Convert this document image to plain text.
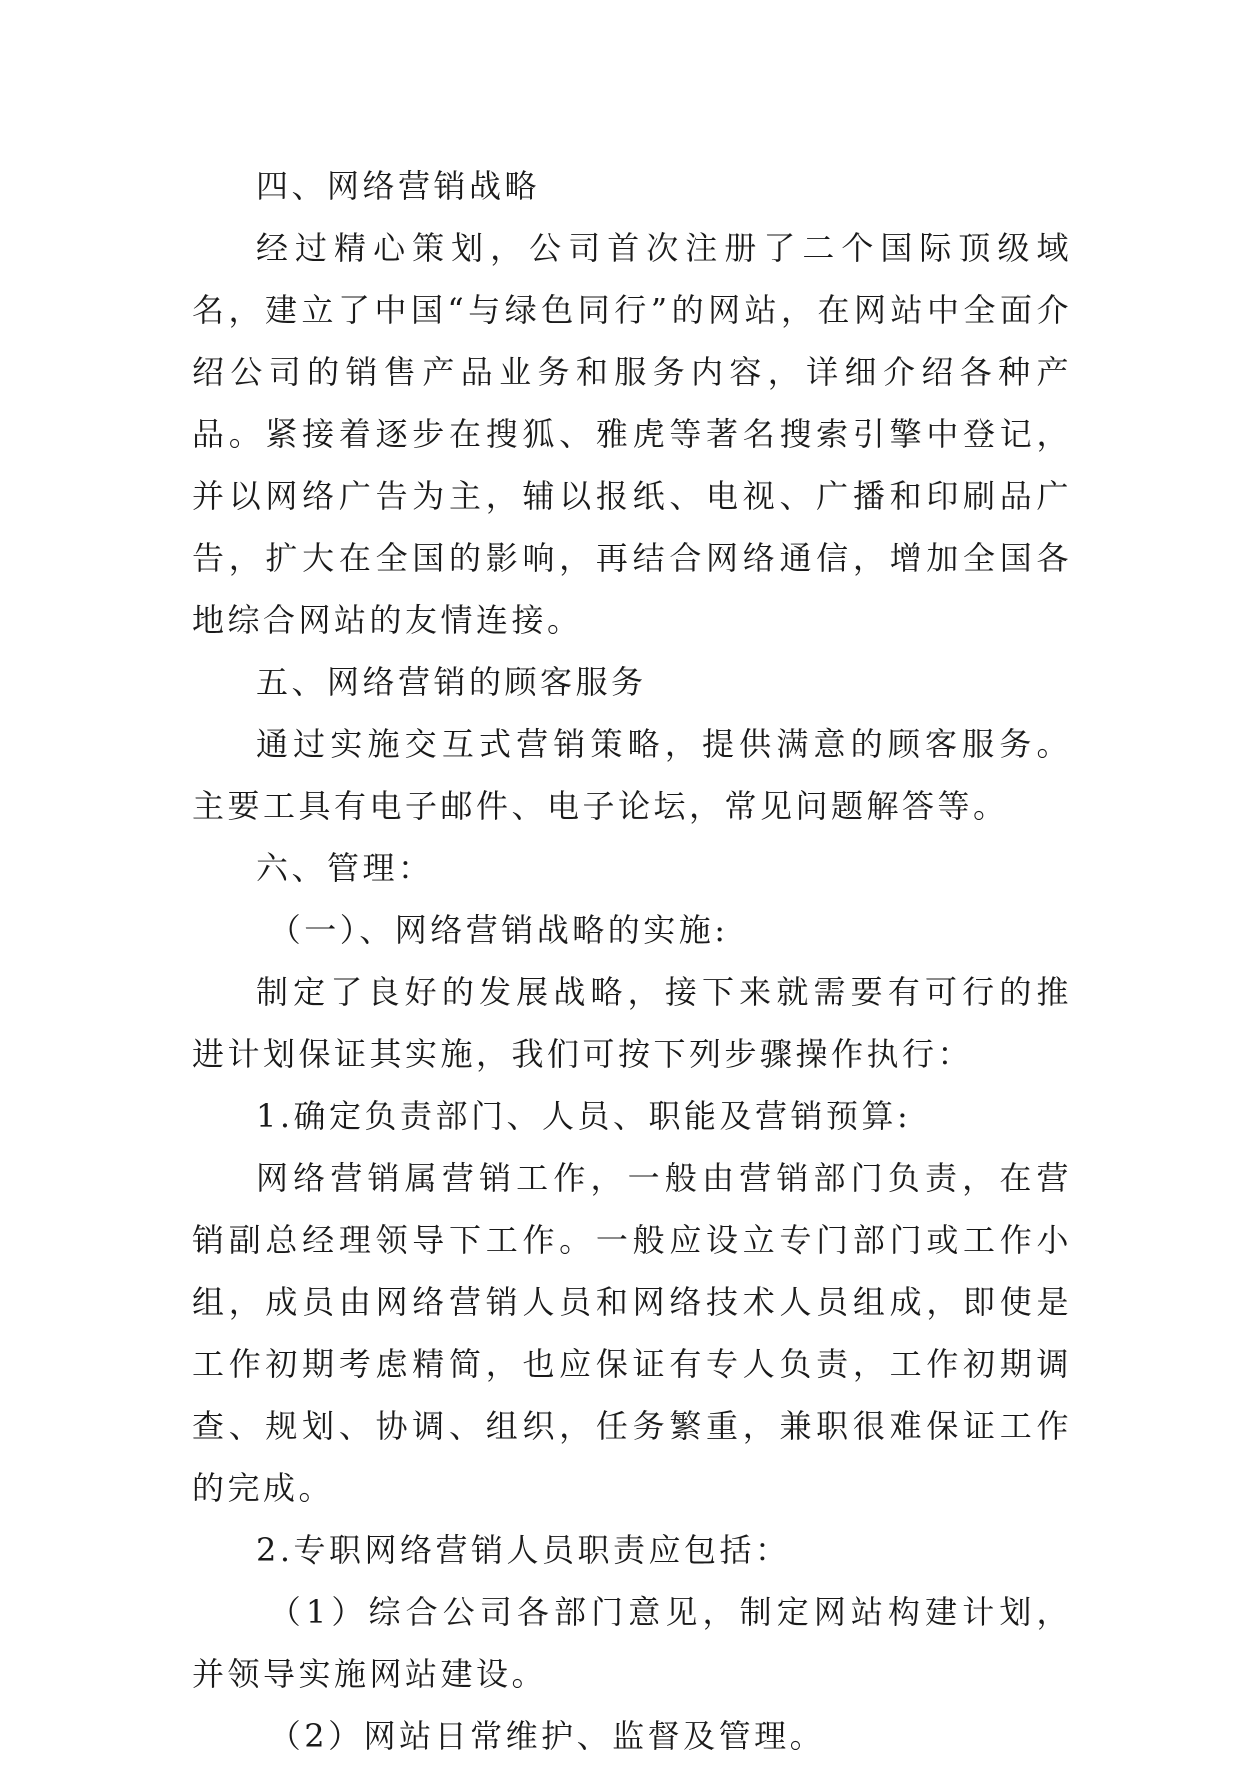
四、网络营销战略

经过精心策划，公司首次注册了二个国际顶级域名，建立了中国“与绿色同行”的网站，在网站中全面介绍公司的销售产品业务和服务内容，详细介绍各种产品。紧接着逐步在搜狐、雅虎等著名搜索引擎中登记，并以网络广告为主，辅以报纸、电视、广播和印刷品广告，扩大在全国的影响，再结合网络通信，增加全国各地综合网站的友情连接。

五、网络营销的顾客服务

通过实施交互式营销策略，提供满意的顾客服务。主要工具有电子邮件、电子论坛，常见问题解答等。

六、管理：

（一）、网络营销战略的实施:

制定了良好的发展战略，接下来就需要有可行的推进计划保证其实施，我们可按下列步骤操作执行：

1.确定负责部门、人员、职能及营销预算:

网络营销属营销工作，一般由营销部门负责，在营销副总经理领导下工作。一般应设立专门部门或工作小组，成员由网络营销人员和网络技术人员组成，即使是工作初期考虑精简，也应保证有专人负责，工作初期调查、规划、协调、组织，任务繁重，兼职很难保证工作的完成。

2.专职网络营销人员职责应包括：

（1）综合公司各部门意见，制定网站构建计划，并领导实施网站建设。

（2）网站日常维护、监督及管理。
